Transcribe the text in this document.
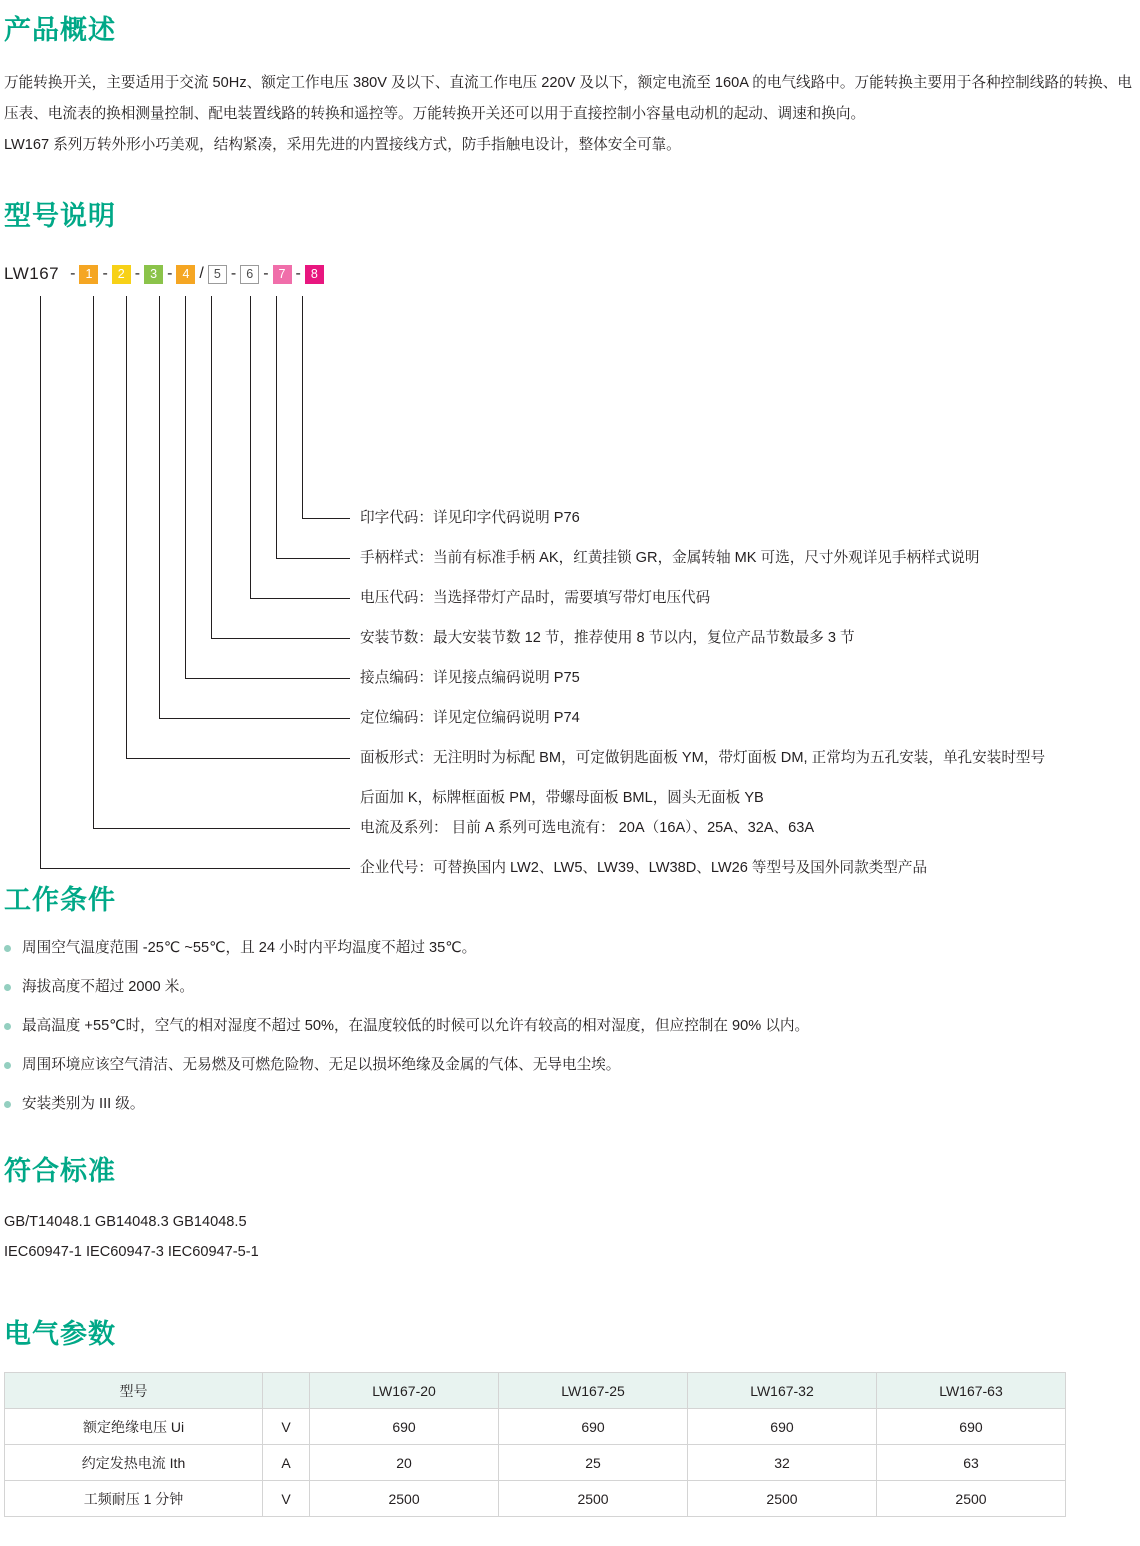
产品概述

万能转换开关，主要适用于交流 50Hz、额定工作电压 380V 及以下、直流工作电压 220V 及以下，额定电流至 160A 的电气线路中。万能转换主要用于各种控制线路的转换、电压表、电流表的换相测量控制、配电装置线路的转换和遥控等。万能转换开关还可以用于直接控制小容量电动机的起动、调速和换向。

LW167 系列万转外形小巧美观，结构紧凑，采用先进的内置接线方式，防手指触电设计，整体安全可靠。

型号说明
LW167 - 1 - 2 - 3 - 4 / 5 - 6 - 7 - 8
印字代码：详见印字代码说明 P76
手柄样式：当前有标准手柄 AK，红黄挂锁 GR，金属转轴 MK 可选，尺寸外观详见手柄样式说明
电压代码：当选择带灯产品时，需要填写带灯电压代码
安装节数：最大安装节数 12 节，推荐使用 8 节以内，复位产品节数最多 3 节
接点编码：详见接点编码说明 P75
定位编码：详见定位编码说明 P74
面板形式：无注明时为标配 BM，可定做钥匙面板 YM，带灯面板 DM, 正常均为五孔安装，单孔安装时型号
后面加 K，标牌框面板 PM，带螺母面板 BML，圆头无面板 YB
电流及系列： 目前 A 系列可选电流有： 20A（16A）、25A、32A、63A
企业代号：可替换国内 LW2、LW5、LW39、LW38D、LW26 等型号及国外同款类型产品
工作条件
周围空气温度范围 -25℃ ~55℃，且 24 小时内平均温度不超过 35℃。
海拔高度不超过 2000 米。
最高温度 +55℃时，空气的相对湿度不超过 50%，在温度较低的时候可以允许有较高的相对湿度，但应控制在 90% 以内。
周围环境应该空气清洁、无易燃及可燃危险物、无足以损坏绝缘及金属的气体、无导电尘埃。
安装类别为 III 级。
符合标准
GB/T14048.1 GB14048.3 GB14048.5
IEC60947-1 IEC60947-3 IEC60947-5-1
电气参数
型号		LW167-20	LW167-25	LW167-32	LW167-63
额定绝缘电压 Ui	V	690	690	690	690
约定发热电流 Ith	A	20	25	32	63
工频耐压 1 分钟	V	2500	2500	2500	2500
